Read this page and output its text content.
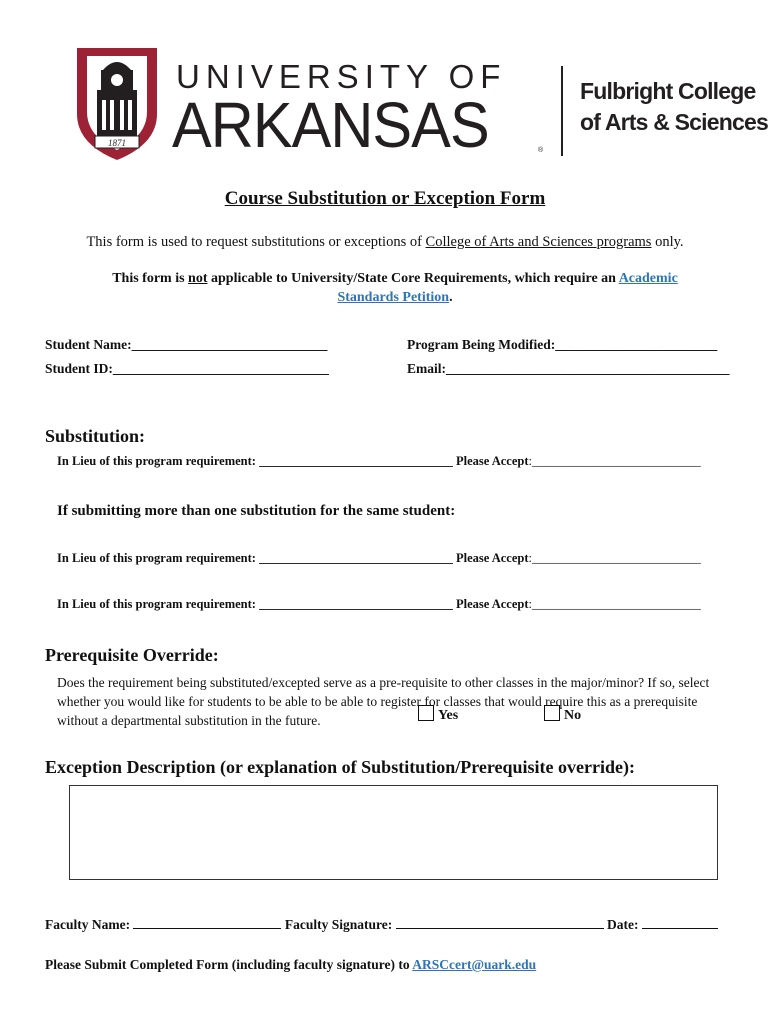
1871
UNIVERSITY OF
ARKANSAS	®
Fulbright College
of Arts & Sciences
Course Substitution or Exception Form
This form is used to request substitutions or exceptions of College of Arts and Sciences programs only.
This form is not applicable to University/State Core Requirements, which require an Academic Standards Petition.
Student Name:_____________________________	Program Being Modified:________________________
Student ID:________________________________	Email:__________________________________________
Substitution:
In Lieu of this program requirement: _______________________________ Please Accept:___________________________
If submitting more than one substitution for the same student:
In Lieu of this program requirement: _______________________________ Please Accept:___________________________
In Lieu of this program requirement: _______________________________ Please Accept:___________________________
Prerequisite Override:
Does the requirement being substituted/excepted serve as a pre-requisite to other classes in the major/minor? If so, select whether you would like for students to be able to be able to register for classes that would require this as a prerequisite without a departmental substitution in the future.	Yes	No
Exception Description (or explanation of Substitution/Prerequisite override):
Faculty Name:	Faculty Signature:	Date:
Please Submit Completed Form (including faculty signature) to ARSCcert@uark.edu
